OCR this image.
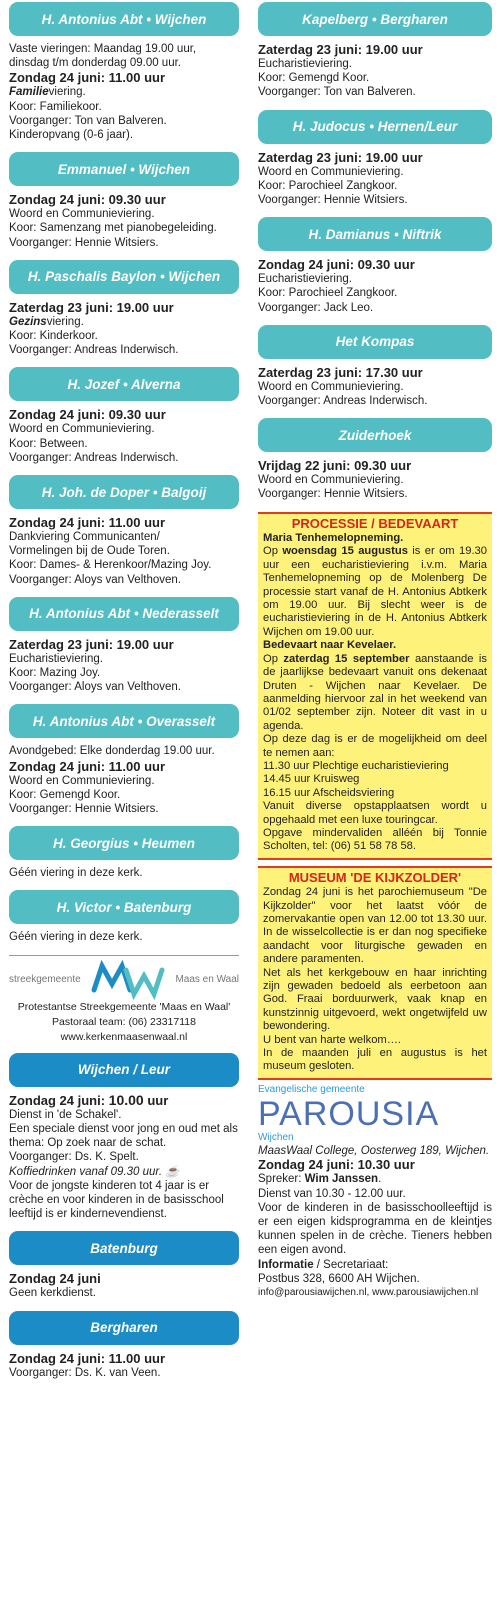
H. Antonius Abt • Wijchen
Vaste vieringen: Maandag 19.00 uur,
dinsdag t/m donderdag 09.00 uur.
Zondag 24 juni: 11.00 uur
Familieviering.
Koor: Familiekoor.
Voorganger: Ton van Balveren.
Kinderopvang (0-6 jaar).
Emmanuel • Wijchen
Zondag 24 juni: 09.30 uur
Woord en Communieviering.
Koor: Samenzang met pianobegeleiding.
Voorganger: Hennie Witsiers.
H. Paschalis Baylon • Wijchen
Zaterdag 23 juni: 19.00 uur
Gezinsviering.
Koor: Kinderkoor.
Voorganger: Andreas Inderwisch.
H. Jozef • Alverna
Zondag 24 juni: 09.30 uur
Woord en Communieviering.
Koor: Between.
Voorganger: Andreas Inderwisch.
H. Joh. de Doper • Balgoij
Zondag 24 juni: 11.00 uur
Dankviering Communicanten/
Vormelingen bij de Oude Toren.
Koor: Dames- & Herenkoor/Mazing Joy.
Voorganger: Aloys van Velthoven.
H. Antonius Abt • Nederasselt
Zaterdag 23 juni: 19.00 uur
Eucharistieviering.
Koor: Mazing Joy.
Voorganger: Aloys van Velthoven.
H. Antonius Abt • Overasselt
Avondgebed: Elke donderdag 19.00 uur.
Zondag 24 juni: 11.00 uur
Woord en Communieviering.
Koor: Gemengd Koor.
Voorganger: Hennie Witsiers.
H. Georgius • Heumen
Géén viering in deze kerk.
H. Victor • Batenburg
Géén viering in deze kerk.
streekgemeente	Maas en Waal
Protestantse Streekgemeente 'Maas en Waal'
Pastoraal team: (06) 23317118
www.kerkenmaasenwaal.nl
Wijchen / Leur
Zondag 24 juni: 10.00 uur
Dienst in 'de Schakel'.
Een speciale dienst voor jong en oud met als thema: Op zoek naar de schat.
Voorganger: Ds. K. Spelt.
Koffiedrinken vanaf 09.30 uur. ☕
Voor de jongste kinderen tot 4 jaar is er crèche en voor kinderen in de basisschool leeftijd is er kindernevendienst.
Batenburg
Zondag 24 juni
Geen kerkdienst.
Bergharen
Zondag 24 juni: 11.00 uur
Voorganger: Ds. K. van Veen.
Kapelberg • Bergharen
Zaterdag 23 juni: 19.00 uur
Eucharistieviering.
Koor: Gemengd Koor.
Voorganger: Ton van Balveren.
H. Judocus • Hernen/Leur
Zaterdag 23 juni: 19.00 uur
Woord en Communieviering.
Koor: Parochieel Zangkoor.
Voorganger: Hennie Witsiers.
H. Damianus • Niftrik
Zondag 24 juni: 09.30 uur
Eucharistieviering.
Koor: Parochieel Zangkoor.
Voorganger: Jack Leo.
Het Kompas
Zaterdag 23 juni: 17.30 uur
Woord en Communieviering.
Voorganger: Andreas Inderwisch.
Zuiderhoek
Vrijdag 22 juni: 09.30 uur
Woord en Communieviering.
Voorganger: Hennie Witsiers.
PROCESSIE / BEDEVAART
Maria Tenhemelopneming.
Op woensdag 15 augustus is er om 19.30 uur een eucharistieviering i.v.m. Maria Tenhemelopneming op de Molenberg De processie start vanaf de H. Antonius Abtkerk om 19.00 uur. Bij slecht weer is de eucharistieviering in de H. Antonius Abtkerk Wijchen om 19.00 uur.
Bedevaart naar Kevelaer.
Op zaterdag 15 september aanstaande is de jaarlijkse bedevaart vanuit ons dekenaat Druten - Wijchen naar Kevelaer. De aanmelding hiervoor zal in het weekend van 01/02 september zijn. Noteer dit vast in u agenda.
Op deze dag is er de mogelijkheid om deel te nemen aan:
11.30 uur Plechtige eucharistieviering
14.45 uur Kruisweg
16.15 uur Afscheidsviering
Vanuit diverse opstapplaatsen wordt u opgehaald met een luxe touringcar.
Opgave mindervaliden alléén bij Tonnie Scholten, tel: (06) 51 58 78 58.
MUSEUM 'DE KIJKZOLDER'
Zondag 24 juni is het parochiemuseum "De Kijkzolder" voor het laatst vóór de zomervakantie open van 12.00 tot 13.30 uur. In de wisselcollectie is er dan nog specifieke aandacht voor liturgische gewaden en andere paramenten.
Net als het kerkgebouw en haar inrichting zijn gewaden bedoeld als eerbetoon aan God. Fraai borduurwerk, vaak knap en kunstzinnig uitgevoerd, wekt ongetwijfeld uw bewondering.
U bent van harte welkom….
In de maanden juli en augustus is het museum gesloten.
Evangelische gemeente
PAROUSIA
Wijchen
MaasWaal College, Oosterweg 189, Wijchen.
Zondag 24 juni: 10.30 uur
Spreker: Wim Janssen.
Dienst van 10.30 - 12.00 uur.
Voor de kinderen in de basisschoolleeftijd is er een eigen kidsprogramma en de kleintjes kunnen spelen in de crèche. Tieners hebben een eigen avond.
Informatie / Secretariaat:
Postbus 328, 6600 AH Wijchen.
info@parousiawijchen.nl, www.parousiawijchen.nl
